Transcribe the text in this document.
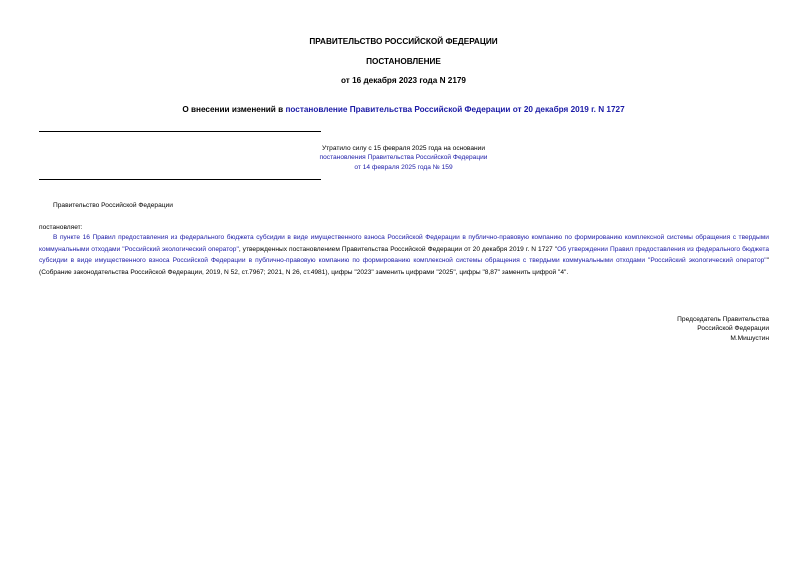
ПРАВИТЕЛЬСТВО РОССИЙСКОЙ ФЕДЕРАЦИИ
ПОСТАНОВЛЕНИЕ
от 16 декабря 2023 года N 2179
О внесении изменений в постановление Правительства Российской Федерации от 20 декабря 2019 г. N 1727
Утратило силу с 15 февраля 2025 года на основании
постановления Правительства Российской Федерации
от 14 февраля 2025 года № 159
Правительство Российской Федерации
постановляет:

В пункте 16 Правил предоставления из федерального бюджета субсидии в виде имущественного взноса Российской Федерации в публично-правовую компанию по формированию комплексной системы обращения с твердыми коммунальными отходами "Российский экологический оператор", утвержденных постановлением Правительства Российской Федерации от 20 декабря 2019 г. N 1727 "Об утверждении Правил предоставления из федерального бюджета субсидии в виде имущественного взноса Российской Федерации в публично-правовую компанию по формированию комплексной системы обращения с твердыми коммунальными отходами "Российский экологический оператор"" (Собрание законодательства Российской Федерации, 2019, N 52, ст.7967; 2021, N 26, ст.4981), цифры "2023" заменить цифрами "2025", цифры "8,87" заменить цифрой "4".

Председатель Правительства
Российской Федерации
М.Мишустин
